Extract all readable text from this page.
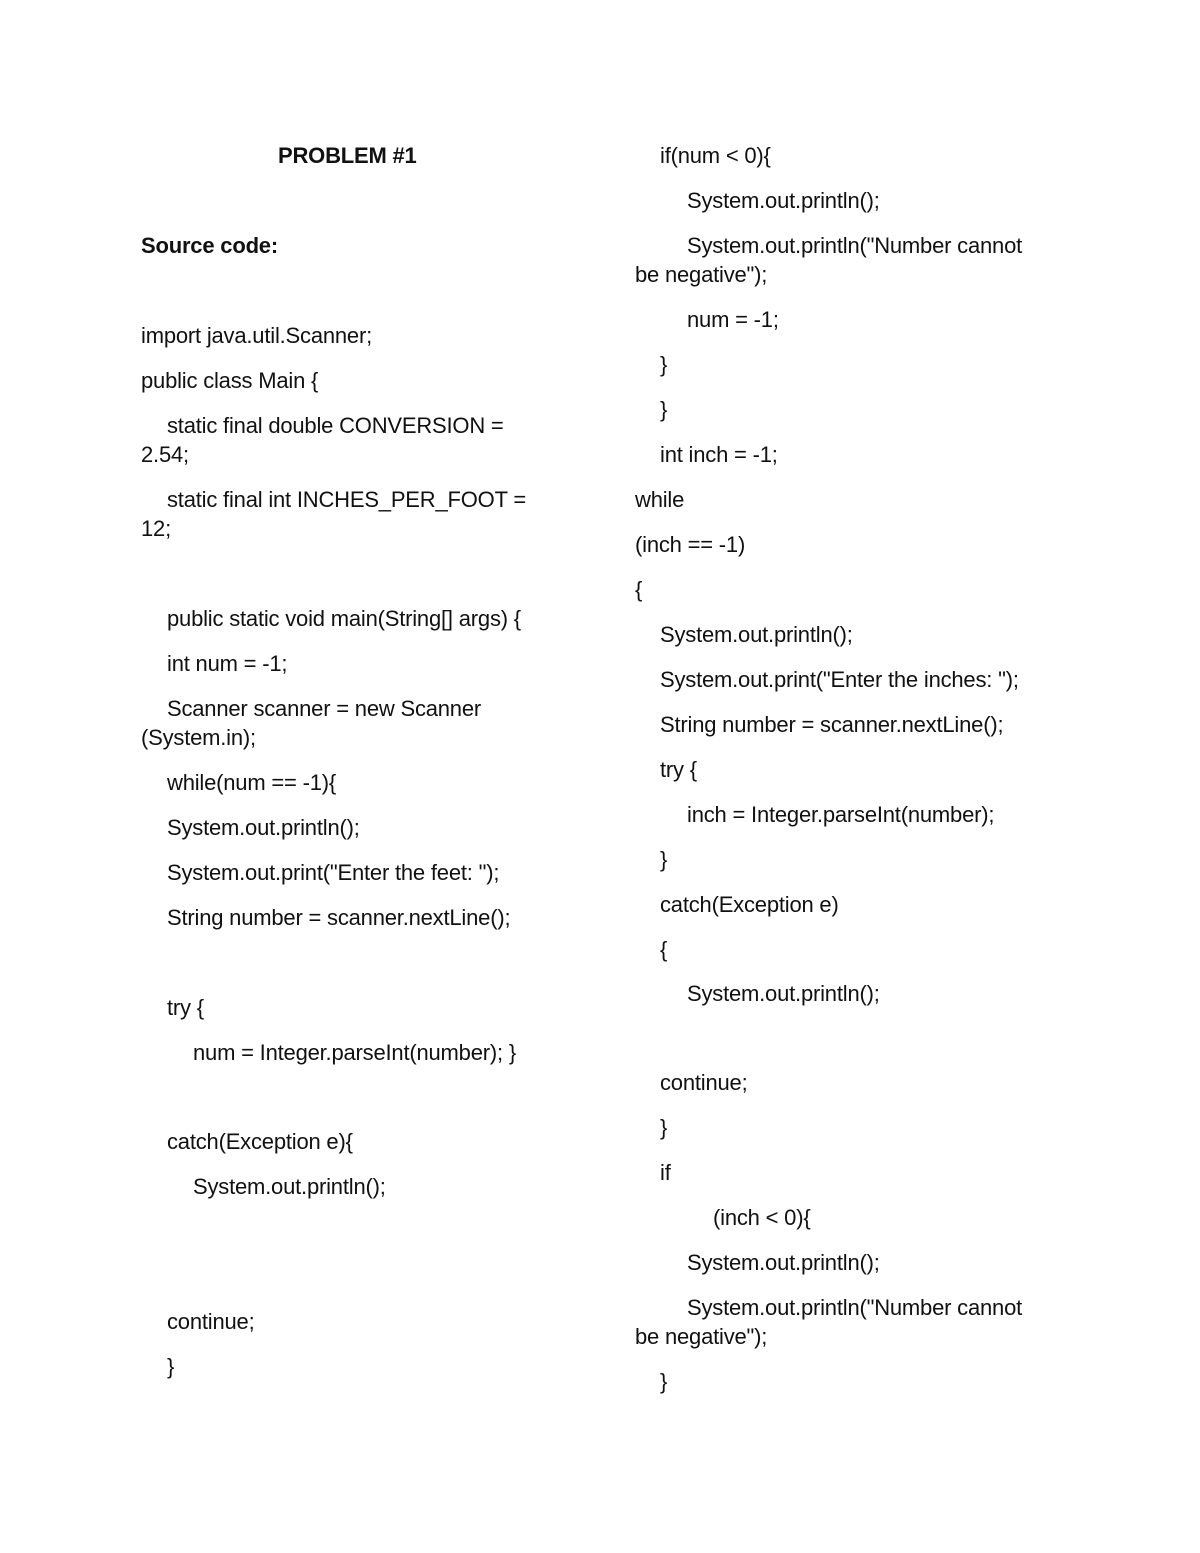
PROBLEM #1
Source code:
import java.util.Scanner;
public class Main {
static final double CONVERSION =
2.54;
static final int INCHES_PER_FOOT =
12;
public static void main(String[] args) {
int num = -1;
Scanner scanner = new Scanner
(System.in);
while(num == -1){
System.out.println();
System.out.print("Enter the feet: ");
String number = scanner.nextLine();
try {
num = Integer.parseInt(number); }
catch(Exception e){
System.out.println();
continue;
}
if(num < 0){
System.out.println();
System.out.println("Number cannot
be negative");
num = -1;
}
}
int inch = -1;
while
(inch == -1)
{
System.out.println();
System.out.print("Enter the inches: ");
String number = scanner.nextLine();
try {
inch = Integer.parseInt(number);
}
catch(Exception e)
{
System.out.println();
continue;
}
if
(inch < 0){
System.out.println();
System.out.println("Number cannot
be negative");
}
